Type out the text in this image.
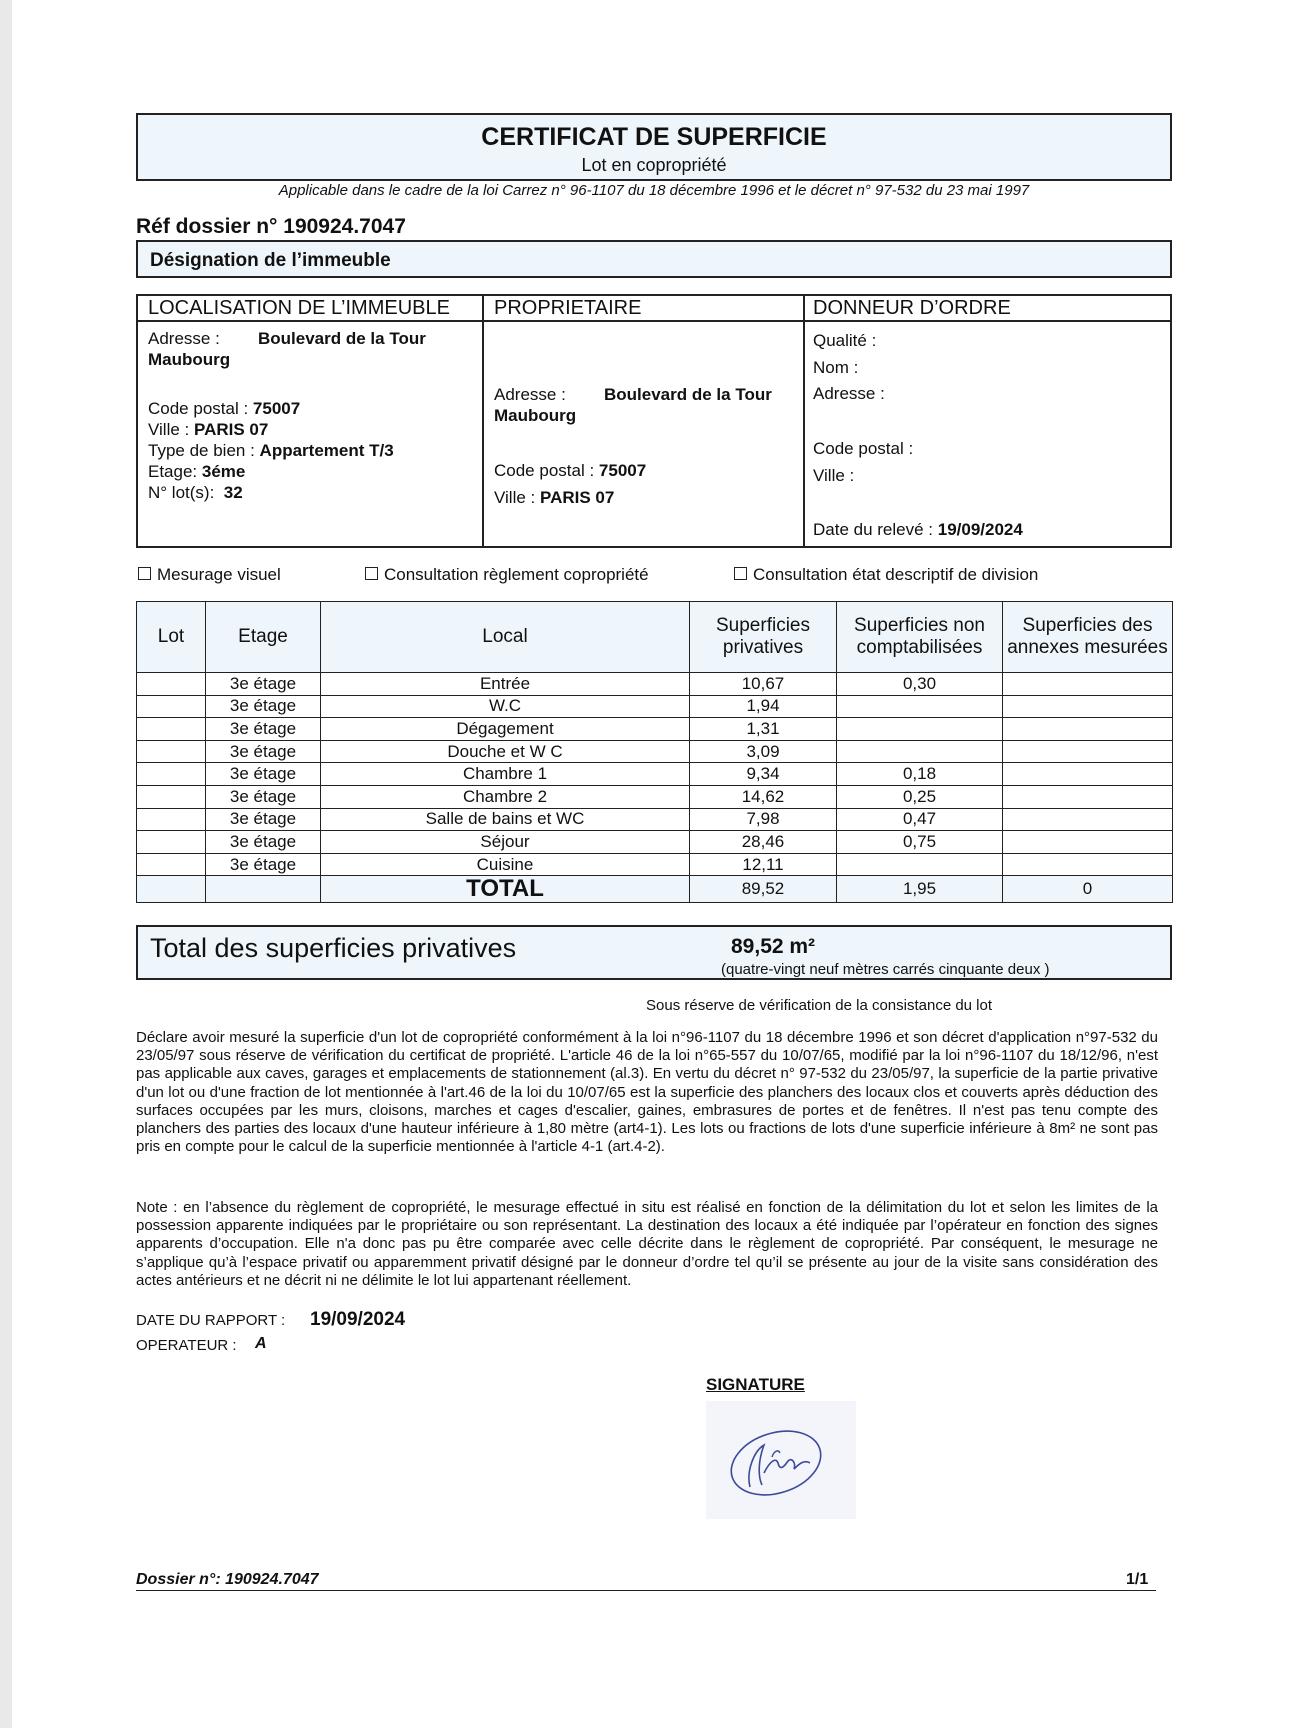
CERTIFICAT DE SUPERFICIE
Lot en copropriété
Applicable dans le cadre de la loi Carrez n° 96-1107 du 18 décembre 1996 et le décret n° 97-532 du 23 mai 1997
Réf dossier n° 190924.7047
Désignation de l’immeuble
LOCALISATION DE L’IMMEUBLE
Adresse : Boulevard de la Tour
Maubourg
Code postal : 75007
Ville : PARIS 07
Type de bien : Appartement T/3
Etage: 3éme
N° lot(s): 32
PROPRIETAIRE
Adresse : Boulevard de la Tour
Maubourg
Code postal : 75007
Ville : PARIS 07
DONNEUR D’ORDRE
Qualité :
Nom :
Adresse :
Code postal :
Ville :
Date du relevé : 19/09/2024
Mesurage visuel	Consultation règlement copropriété	Consultation état descriptif de division
Lot	Etage	Local	Superficies privatives	Superficies non comptabilisées	Superficies des annexes mesurées
	3e étage	Entrée	10,67	0,30	
	3e étage	W.C	1,94		
	3e étage	Dégagement	1,31		
	3e étage	Douche et W C	3,09		
	3e étage	Chambre 1	9,34	0,18	
	3e étage	Chambre 2	14,62	0,25	
	3e étage	Salle de bains et WC	7,98	0,47	
	3e étage	Séjour	28,46	0,75	
	3e étage	Cuisine	12,11		
		TOTAL	89,52	1,95	0
Total des superficies privatives	89,52 m²
(quatre-vingt neuf mètres carrés cinquante deux )
Sous réserve de vérification de la consistance du lot
Déclare avoir mesuré la superficie d'un lot de copropriété conformément à la loi n°96-1107 du 18 décembre 1996 et son décret d'application n°97-532 du 23/05/97 sous réserve de vérification du certificat de propriété. L'article 46 de la loi n°65-557 du 10/07/65, modifié par la loi n°96-1107 du 18/12/96, n'est pas applicable aux caves, garages et emplacements de stationnement (al.3). En vertu du décret n° 97-532 du 23/05/97, la superficie de la partie privative d'un lot ou d'une fraction de lot mentionnée à l'art.46 de la loi du 10/07/65 est la superficie des planchers des locaux clos et couverts après déduction des surfaces occupées par les murs, cloisons, marches et cages d'escalier, gaines, embrasures de portes et de fenêtres. Il n'est pas tenu compte des planchers des parties des locaux d'une hauteur inférieure à 1,80 mètre (art4-1). Les lots ou fractions de lots d'une superficie inférieure à 8m² ne sont pas pris en compte pour le calcul de la superficie mentionnée à l'article 4-1 (art.4-2).
Note : en l’absence du règlement de copropriété, le mesurage effectué in situ est réalisé en fonction de la délimitation du lot et selon les limites de la possession apparente indiquées par le propriétaire ou son représentant. La destination des locaux a été indiquée par l’opérateur en fonction des signes apparents d’occupation. Elle n'a donc pas pu être comparée avec celle décrite dans le règlement de copropriété. Par conséquent, le mesurage ne s’applique qu’à l’espace privatif ou apparemment privatif désigné par le donneur d’ordre tel qu’il se présente au jour de la visite sans considération des actes antérieurs et ne décrit ni ne délimite le lot lui appartenant réellement.
DATE DU RAPPORT : 19/09/2024
OPERATEUR : A
SIGNATURE
Dossier n°: 190924.7047	1/1
